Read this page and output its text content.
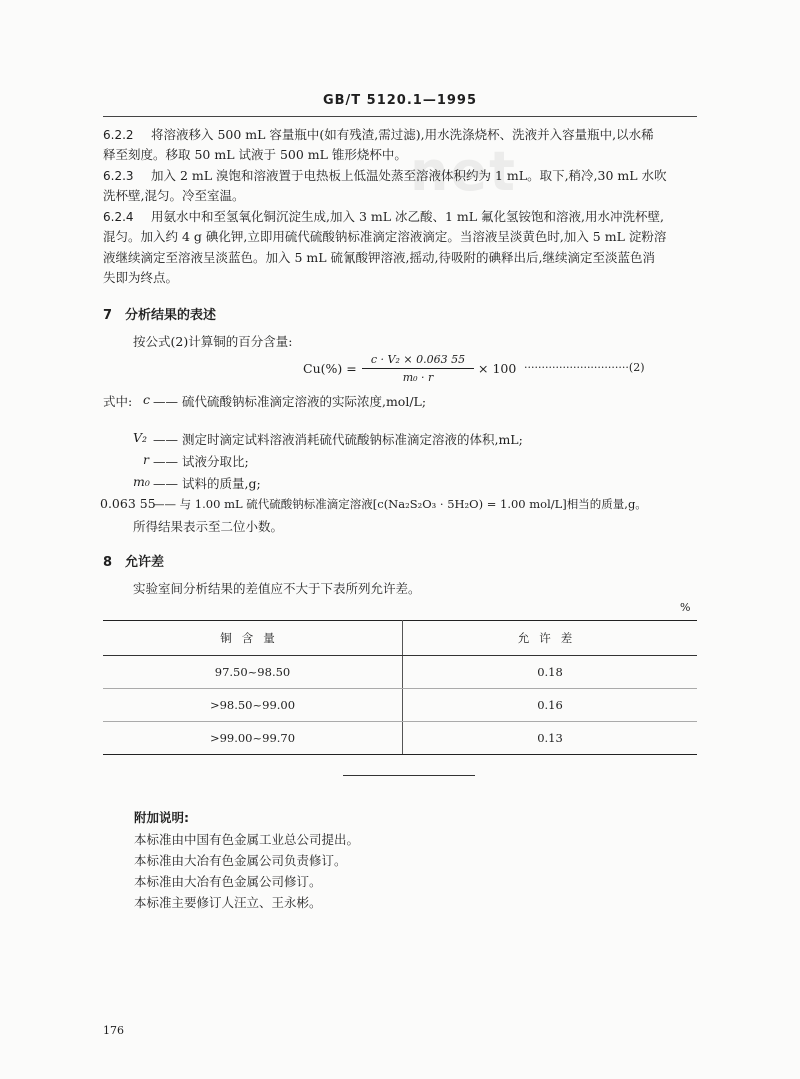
net
GB/T 5120.1—1995
6.2.2 将溶液移入 500 mL 容量瓶中(如有残渣,需过滤),用水洗涤烧杯、洗液并入容量瓶中,以水稀
释至刻度。移取 50 mL 试液于 500 mL 锥形烧杯中。
6.2.3 加入 2 mL 溴饱和溶液置于电热板上低温处蒸至溶液体积约为 1 mL。取下,稍冷,30 mL 水吹
洗杯壁,混匀。冷至室温。
6.2.4 用氨水中和至氢氧化铜沉淀生成,加入 3 mL 冰乙酸、1 mL 氟化氢铵饱和溶液,用水冲洗杯壁,
混匀。加入约 4 g 碘化钾,立即用硫代硫酸钠标准滴定溶液滴定。当溶液呈淡黄色时,加入 5 mL 淀粉溶
液继续滴定至溶液呈淡蓝色。加入 5 mL 硫氰酸钾溶液,摇动,待吸附的碘释出后,继续滴定至淡蓝色消
失即为终点。
7　分析结果的表述
按公式(2)计算铜的百分含量:
Cu(%) =
c · V₂ × 0.063 55
m₀ · r
× 100 ······························(2)
式中: c —— 硫代硫酸钠标准滴定溶液的实际浓度,mol/L;
V₂ —— 测定时滴定试料溶液消耗硫代硫酸钠标准滴定溶液的体积,mL;
r —— 试液分取比;
m₀ —— 试料的质量,g;
0.063 55
—— 与 1.00 mL 硫代硫酸钠标准滴定溶液[c(Na₂S₂O₃ · 5H₂O) = 1.00 mol/L]相当的质量,g。
所得结果表示至二位小数。
8　允许差
实验室间分析结果的差值应不大于下表所列允许差。
%
铜含量	允许差
97.50~98.50	0.18
>98.50~99.00	0.16
>99.00~99.70	0.13
附加说明:
本标准由中国有色金属工业总公司提出。
本标准由大冶有色金属公司负责修订。
本标准由大冶有色金属公司修订。
本标准主要修订人汪立、王永彬。
176
